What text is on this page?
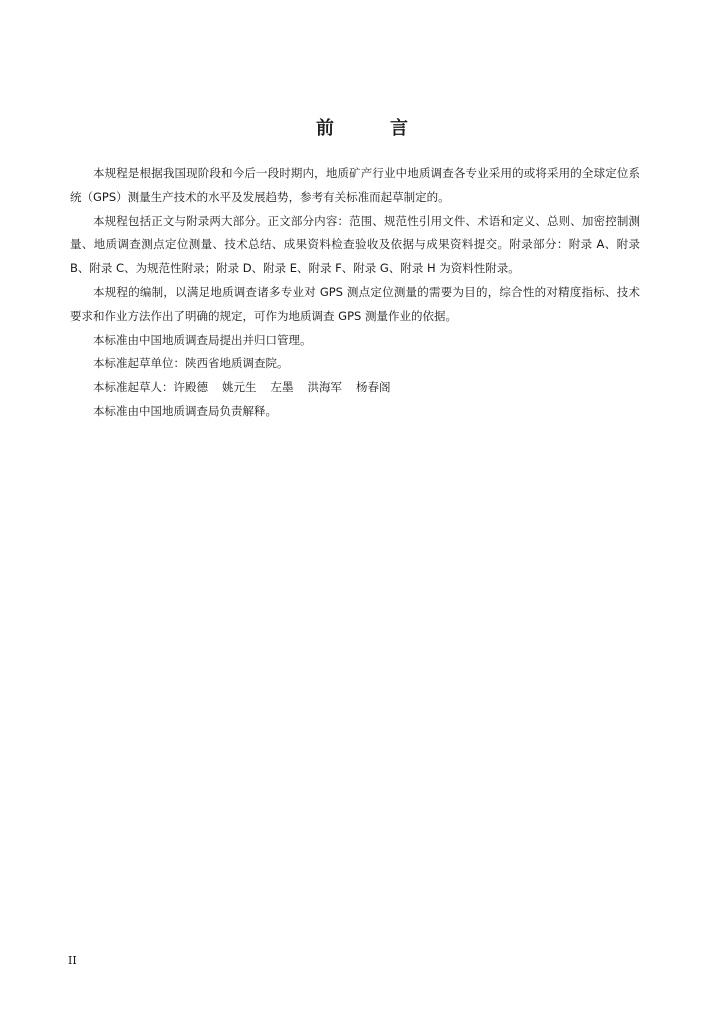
前言

本规程是根据我国现阶段和今后一段时期内，地质矿产行业中地质调查各专业采用的或将采用的全球定位系统（GPS）测量生产技术的水平及发展趋势，参考有关标准而起草制定的。

本规程包括正文与附录两大部分。正文部分内容：范围、规范性引用文件、术语和定义、总则、加密控制测量、地质调查测点定位测量、技术总结、成果资料检查验收及依据与成果资料提交。附录部分：附录 A、附录 B、附录 C、为规范性附录；附录 D、附录 E、附录 F、附录 G、附录 H 为资料性附录。

本规程的编制，以满足地质调查诸多专业对 GPS 测点定位测量的需要为目的，综合性的对精度指标、技术要求和作业方法作出了明确的规定，可作为地质调查 GPS 测量作业的依据。

本标准由中国地质调查局提出并归口管理。

本标准起草单位：陕西省地质调查院。

本标准起草人：许殿德 姚元生 左墨 洪海军 杨春阁

本标准由中国地质调查局负责解释。

II
